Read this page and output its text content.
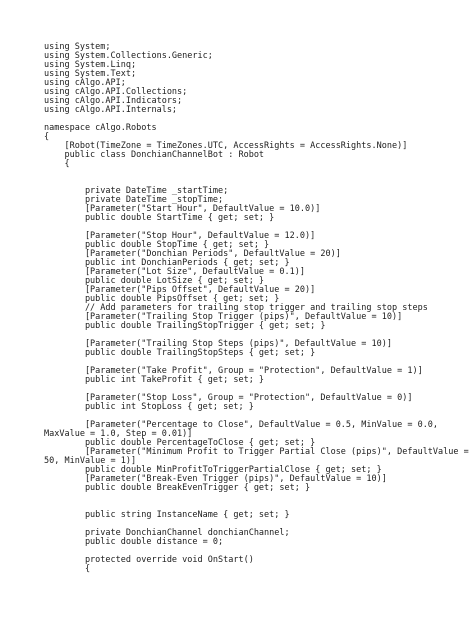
using System;
using System.Collections.Generic;
using System.Linq;
using System.Text;
using cAlgo.API;
using cAlgo.API.Collections;
using cAlgo.API.Indicators;
using cAlgo.API.Internals;
namespace cAlgo.Robots
{
[Robot(TimeZone = TimeZones.UTC, AccessRights = AccessRights.None)]
public class DonchianChannelBot : Robot
{
private DateTime _startTime;
private DateTime _stopTime;
[Parameter("Start Hour", DefaultValue = 10.0)]
public double StartTime { get; set; }
[Parameter("Stop Hour", DefaultValue = 12.0)]
public double StopTime { get; set; }
[Parameter("Donchian Periods", DefaultValue = 20)]
public int DonchianPeriods { get; set; }
[Parameter("Lot Size", DefaultValue = 0.1)]
public double LotSize { get; set; }
[Parameter("Pips Offset", DefaultValue = 20)]
public double PipsOffset { get; set; }
// Add parameters for trailing stop trigger and trailing stop steps
[Parameter("Trailing Stop Trigger (pips)", DefaultValue = 10)]
public double TrailingStopTrigger { get; set; }
[Parameter("Trailing Stop Steps (pips)", DefaultValue = 10)]
public double TrailingStopSteps { get; set; }
[Parameter("Take Profit", Group = "Protection", DefaultValue = 1)]
public int TakeProfit { get; set; }
[Parameter("Stop Loss", Group = "Protection", DefaultValue = 0)]
public int StopLoss { get; set; }
[Parameter("Percentage to Close", DefaultValue = 0.5, MinValue = 0.0,
MaxValue = 1.0, Step = 0.01)]
public double PercentageToClose { get; set; }
[Parameter("Minimum Profit to Trigger Partial Close (pips)", DefaultValue =
50, MinValue = 1)]
public double MinProfitToTriggerPartialClose { get; set; }
[Parameter("Break-Even Trigger (pips)", DefaultValue = 10)]
public double BreakEvenTrigger { get; set; }
public string InstanceName { get; set; }
private DonchianChannel donchianChannel;
public double distance = 0;
protected override void OnStart()
{
